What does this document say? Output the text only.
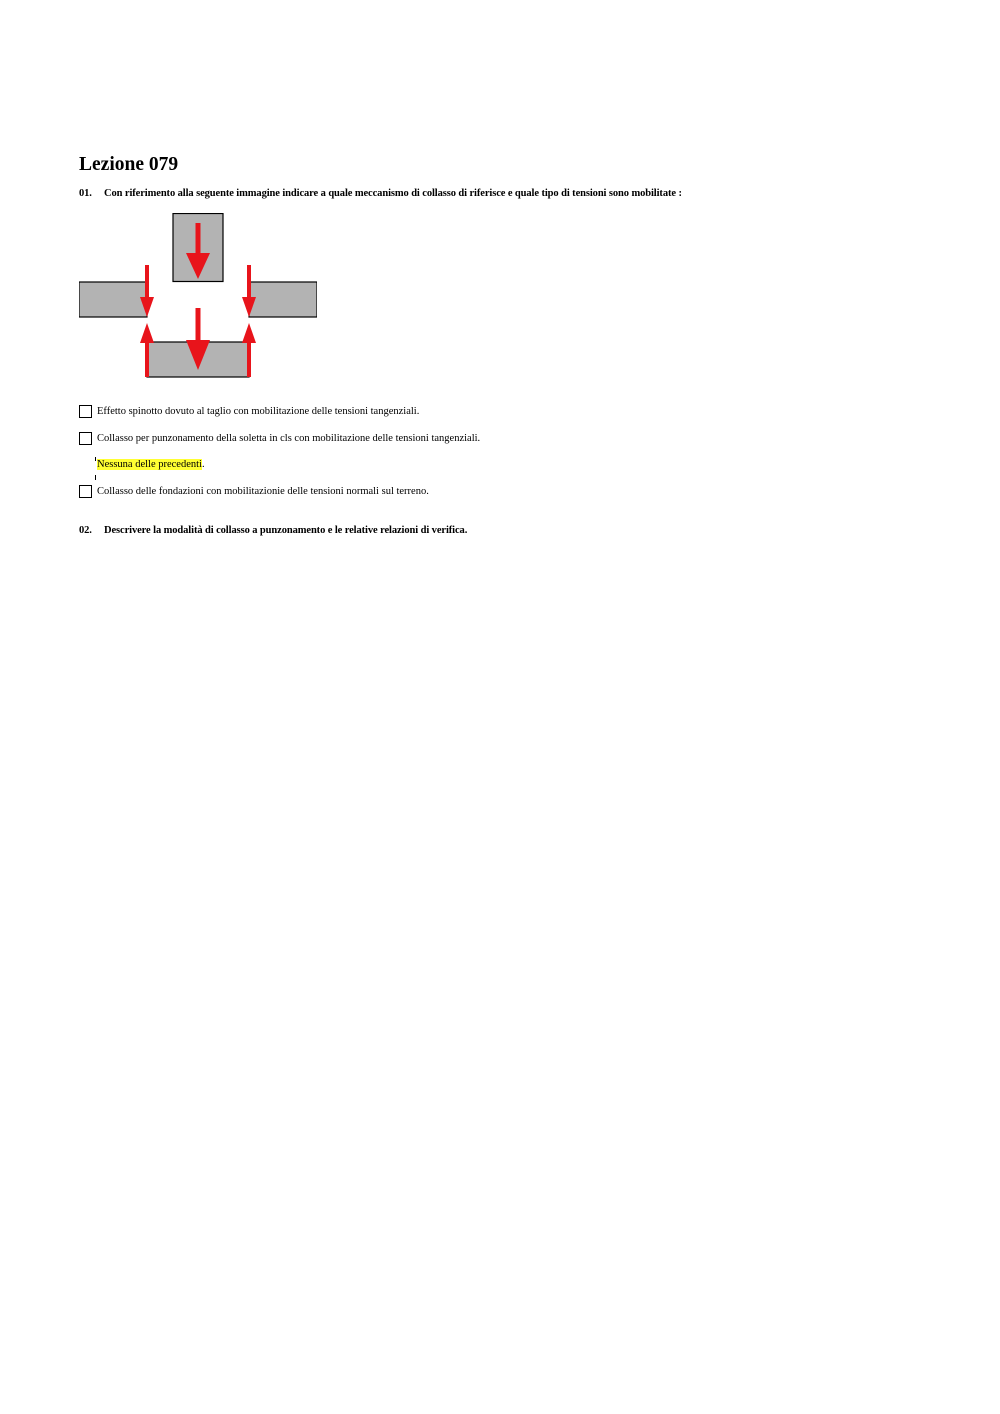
Lezione 079
01. Con riferimento alla seguente immagine indicare a quale meccanismo di collasso di riferisce e quale tipo di tensioni sono mobilitate :
Effetto spinotto dovuto al taglio con mobilitazione delle tensioni tangenziali.
Collasso per punzonamento della soletta in cls con mobilitazione delle tensioni tangenziali.
Nessuna delle precedenti.
Collasso delle fondazioni con mobilitazionie delle tensioni normali sul terreno.
02. Descrivere la modalità di collasso a punzonamento e le relative relazioni di verifica.
